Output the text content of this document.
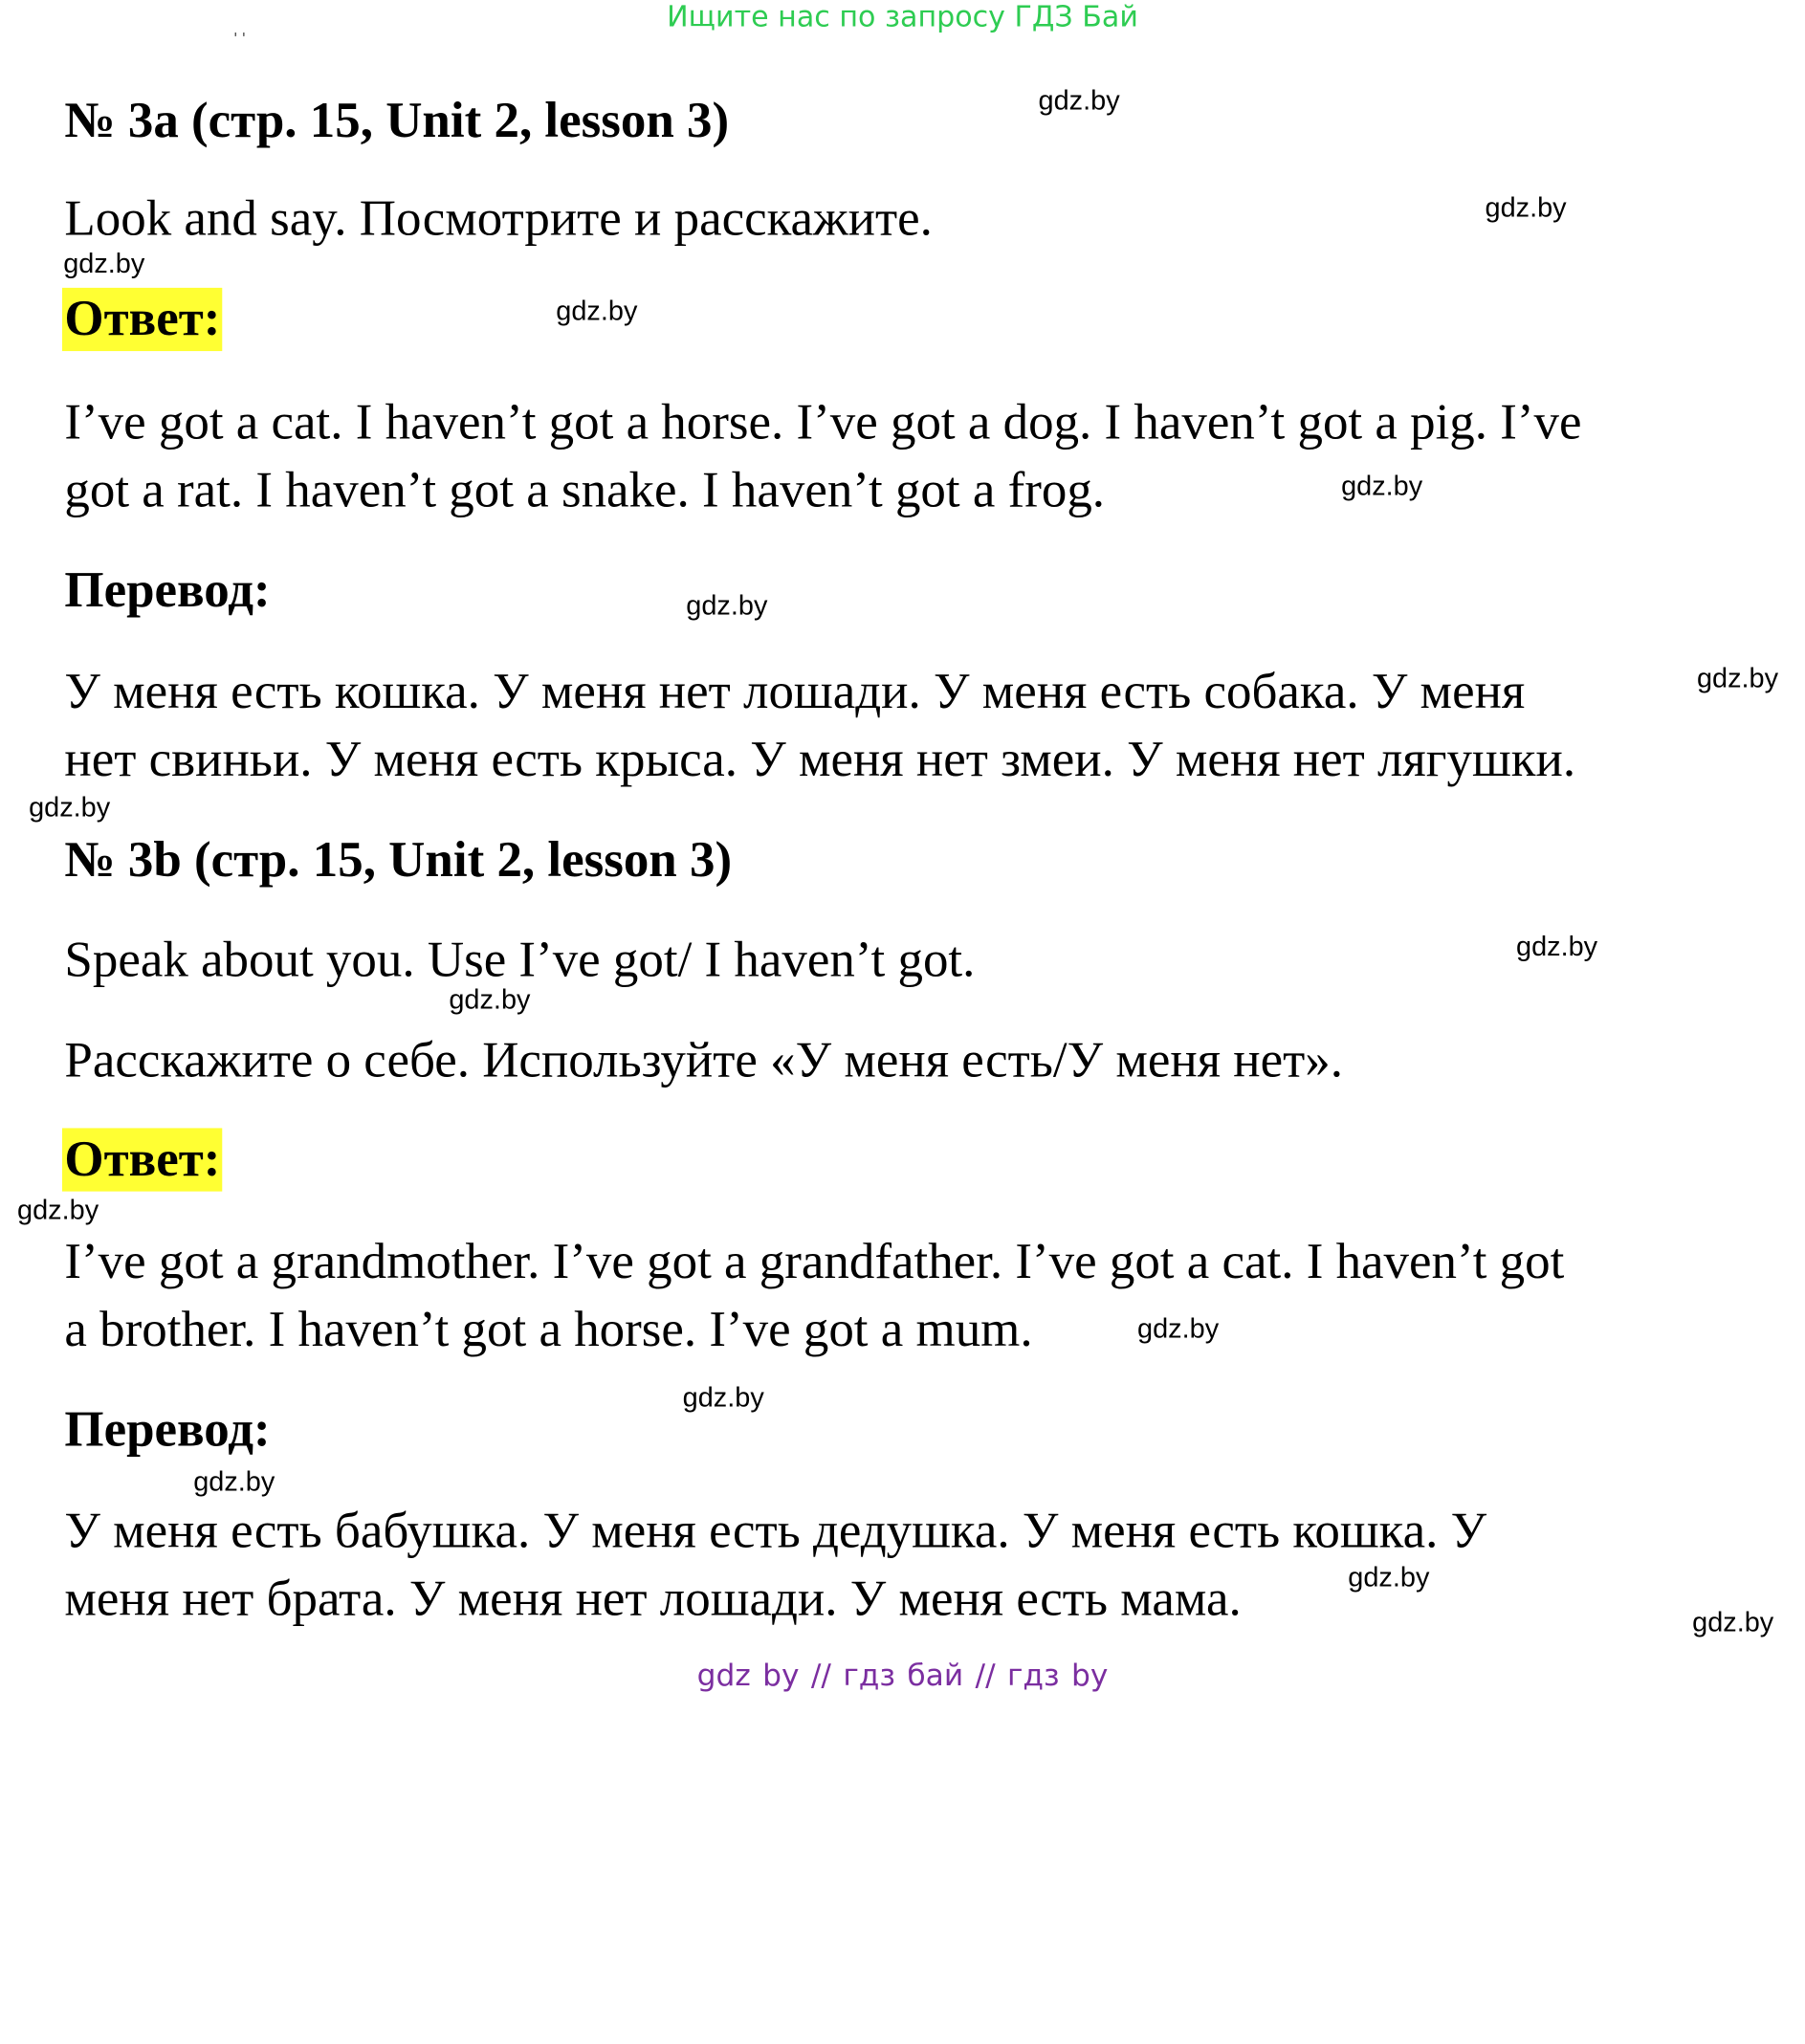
Ищите нас по запросу ГДЗ Бай
' '
№ 3a (стр. 15, Unit 2, lesson 3)
Look and say. Посмотрите и расскажите.
Ответ:
I’ve got a cat. I haven’t got a horse. I’ve got a dog. I haven’t got a pig. I’ve
got a rat. I haven’t got a snake. I haven’t got a frog.
Перевод:
У меня есть кошка. У меня нет лошади. У меня есть собака. У меня
нет свиньи. У меня есть крыса. У меня нет змеи. У меня нет лягушки.
№ 3b (стр. 15, Unit 2, lesson 3)
Speak about you. Use I’ve got/ I haven’t got.
Расскажите о себе. Используйте «У меня есть/У меня нет».
Ответ:
I’ve got a grandmother. I’ve got a grandfather. I’ve got a cat. I haven’t got
a brother. I haven’t got a horse. I’ve got a mum.
Перевод:
У меня есть бабушка. У меня есть дедушка. У меня есть кошка. У
меня нет брата. У меня нет лошади. У меня есть мама.
gdz.by
gdz.by
gdz.by
gdz.by
gdz.by
gdz.by
gdz.by
gdz.by
gdz.by
gdz.by
gdz.by
gdz.by
gdz.by
gdz.by
gdz.by
gdz.by
gdz by // гдз бай // гдз by
